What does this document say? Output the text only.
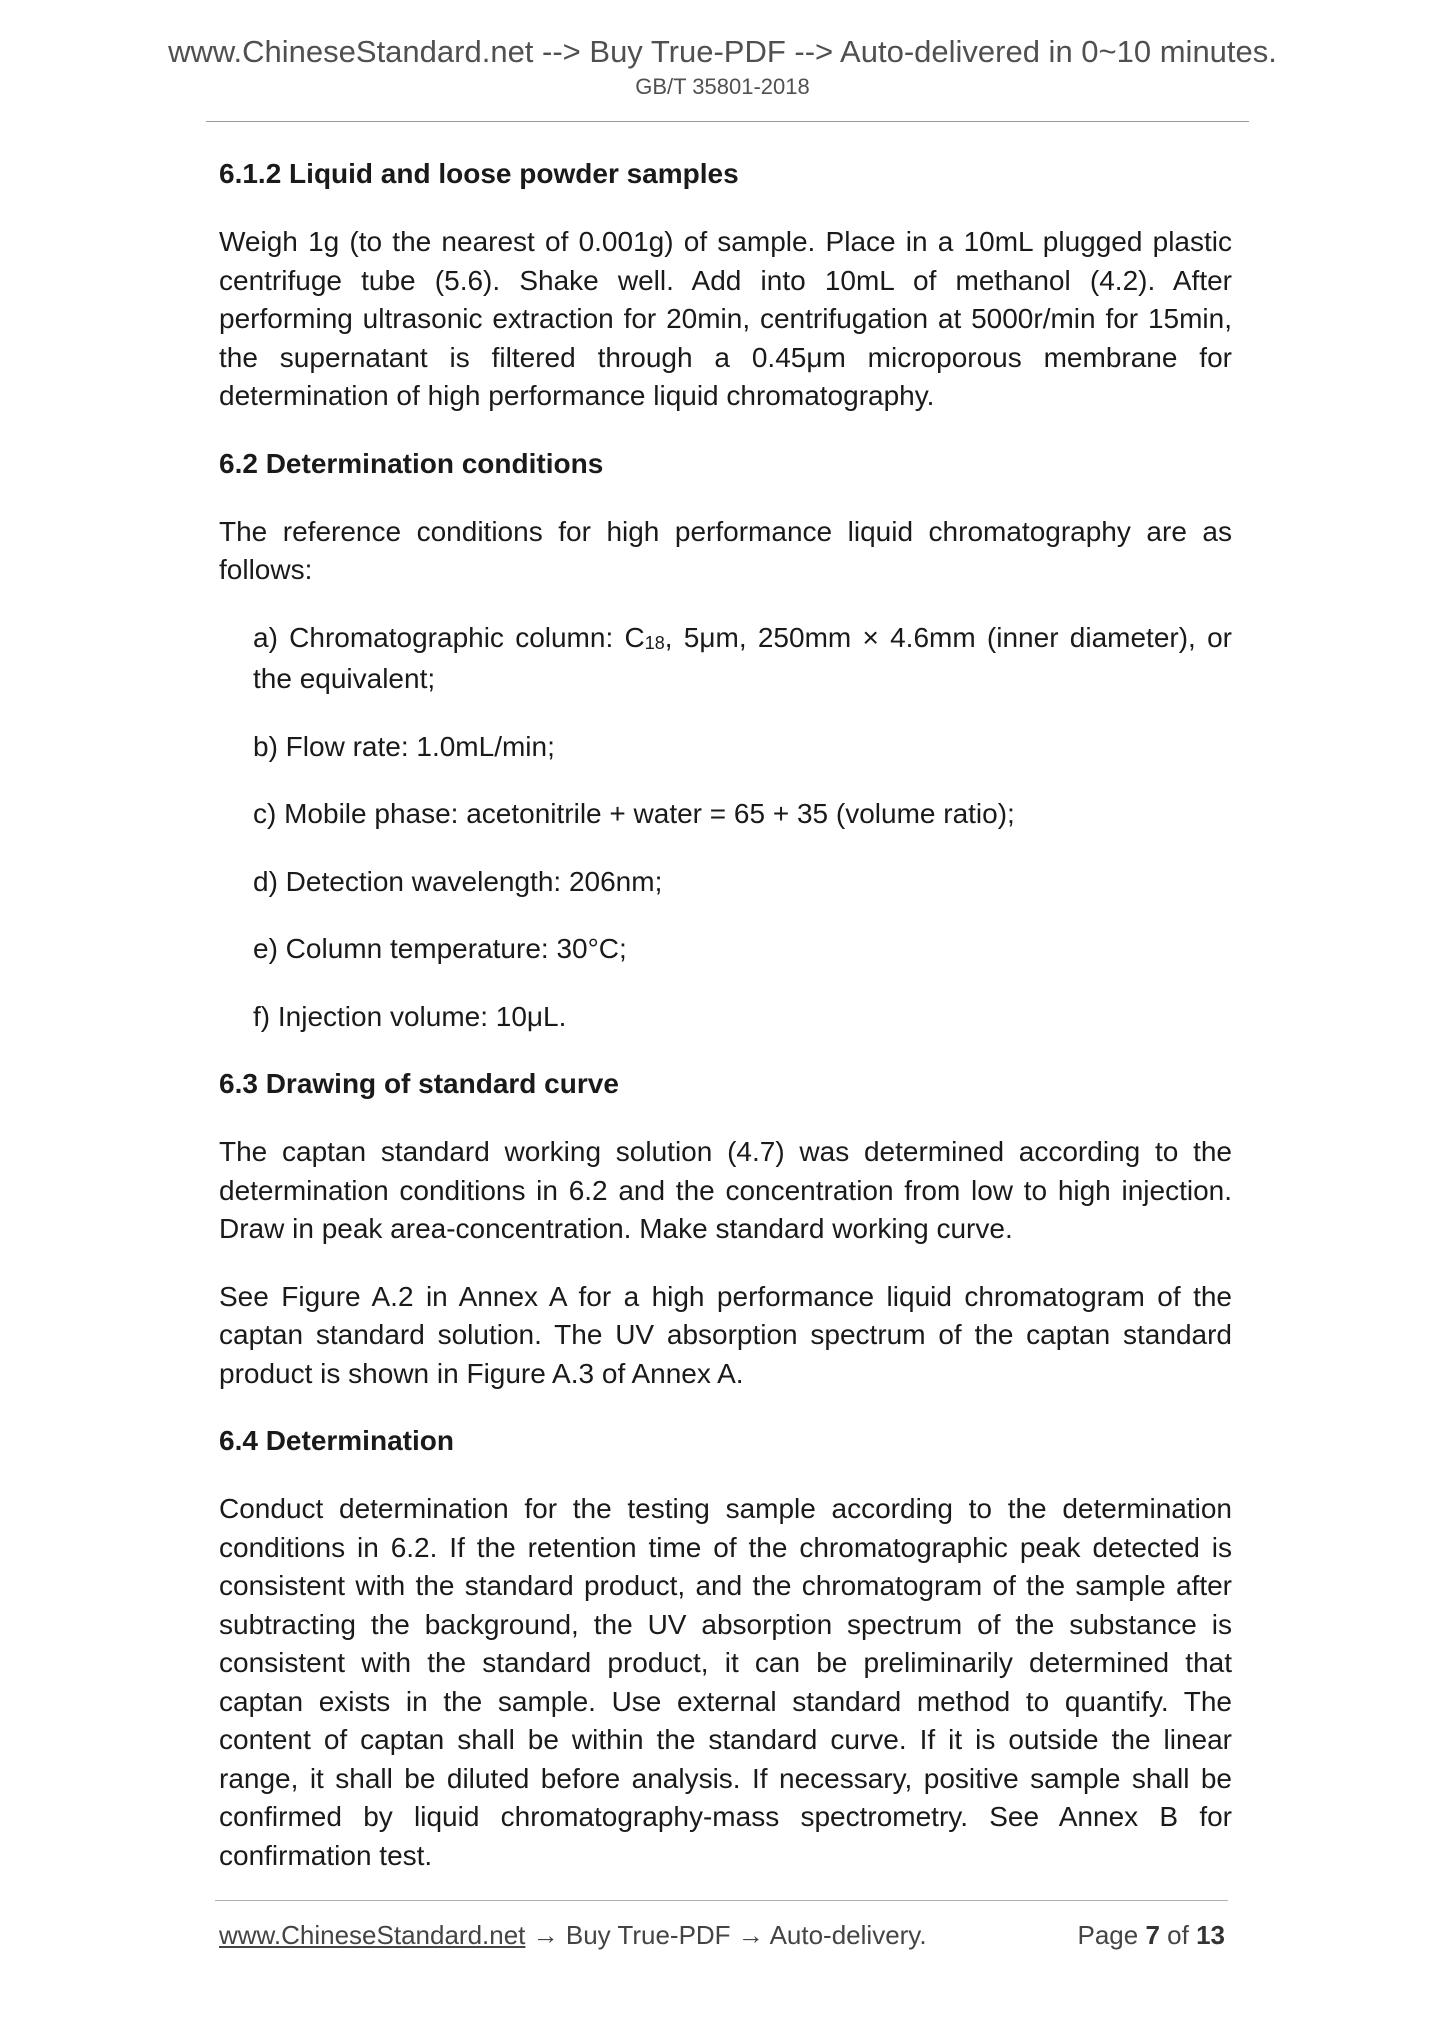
www.ChineseStandard.net --> Buy True-PDF --> Auto-delivered in 0~10 minutes.
GB/T 35801-2018
6.1.2 Liquid and loose powder samples

Weigh 1g (to the nearest of 0.001g) of sample. Place in a 10mL plugged plastic centrifuge tube (5.6). Shake well. Add into 10mL of methanol (4.2). After performing ultrasonic extraction for 20min, centrifugation at 5000r/min for 15min, the supernatant is filtered through a 0.45μm microporous membrane for determination of high performance liquid chromatography.

6.2 Determination conditions

The reference conditions for high performance liquid chromatography are as follows:

a) Chromatographic column: $C_{18}$, 5μm, 250mm × 4.6mm (inner diameter), or the equivalent;
b) Flow rate: 1.0mL/min;
c) Mobile phase: acetonitrile + water = 65 + 35 (volume ratio);
d) Detection wavelength: 206nm;
e) Column temperature: 30°C;
f) Injection volume: 10μL.
6.3 Drawing of standard curve

The captan standard working solution (4.7) was determined according to the determination conditions in 6.2 and the concentration from low to high injection. Draw in peak area-concentration. Make standard working curve.

See Figure A.2 in Annex A for a high performance liquid chromatogram of the captan standard solution. The UV absorption spectrum of the captan standard product is shown in Figure A.3 of Annex A.

6.4 Determination

Conduct determination for the testing sample according to the determination conditions in 6.2. If the retention time of the chromatographic peak detected is consistent with the standard product, and the chromatogram of the sample after subtracting the background, the UV absorption spectrum of the substance is consistent with the standard product, it can be preliminarily determined that captan exists in the sample. Use external standard method to quantify. The content of captan shall be within the standard curve. If it is outside the linear range, it shall be diluted before analysis. If necessary, positive sample shall be confirmed by liquid chromatography-mass spectrometry. See Annex B for confirmation test.

www.ChineseStandard.net → Buy True-PDF → Auto-delivery.	Page 7 of 13
